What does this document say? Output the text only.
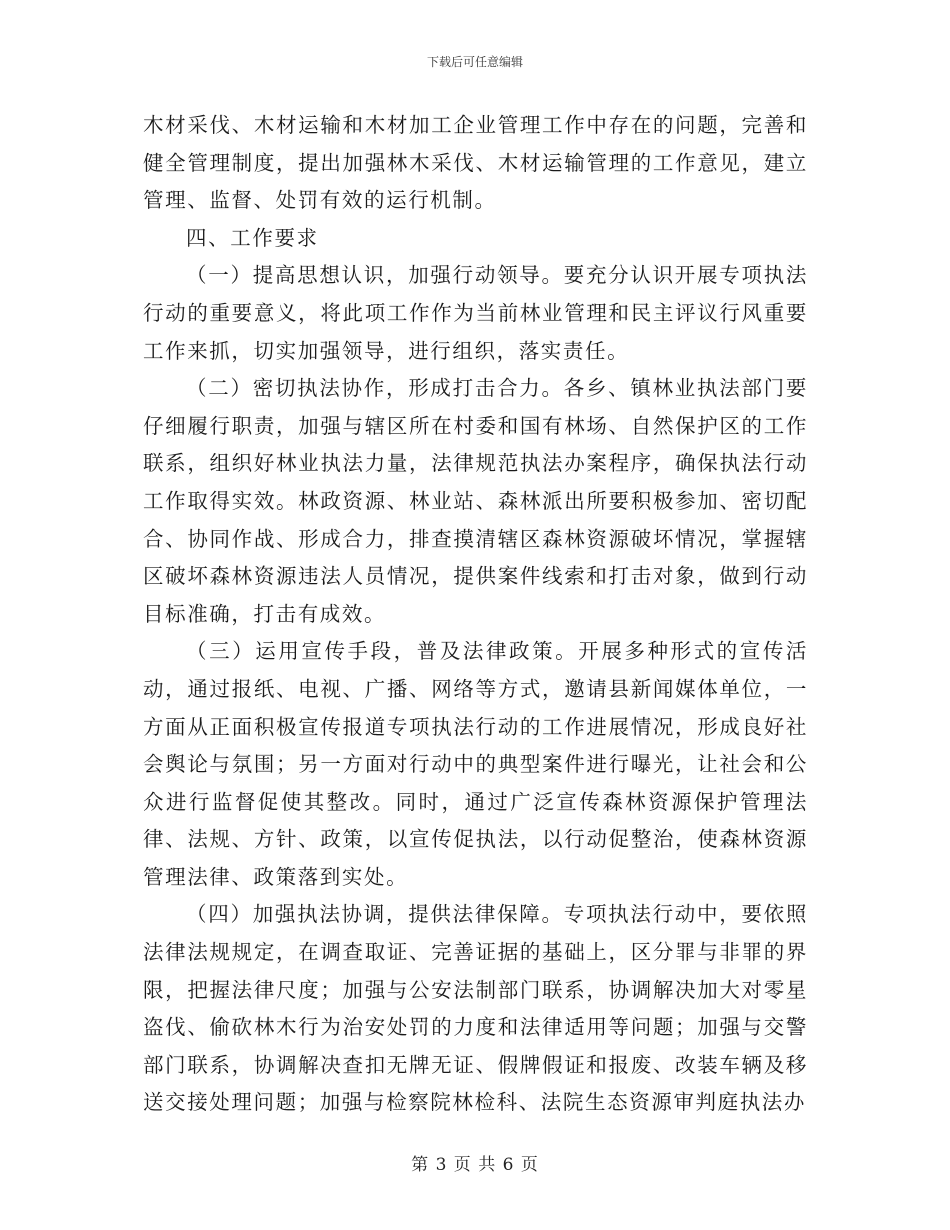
下载后可任意编辑

木材采伐、木材运输和木材加工企业管理工作中存在的问题，完善和健全管理制度，提出加强林木采伐、木材运输管理的工作意见，建立管理、监督、处罚有效的运行机制。

四、工作要求

（一）提高思想认识，加强行动领导。要充分认识开展专项执法行动的重要意义，将此项工作作为当前林业管理和民主评议行风重要工作来抓，切实加强领导，进行组织，落实责任。

（二）密切执法协作，形成打击合力。各乡、镇林业执法部门要仔细履行职责，加强与辖区所在村委和国有林场、自然保护区的工作联系，组织好林业执法力量，法律规范执法办案程序，确保执法行动工作取得实效。林政资源、林业站、森林派出所要积极参加、密切配合、协同作战、形成合力，排查摸清辖区森林资源破坏情况，掌握辖区破坏森林资源违法人员情况，提供案件线索和打击对象，做到行动目标准确，打击有成效。

（三）运用宣传手段，普及法律政策。开展多种形式的宣传活动，通过报纸、电视、广播、网络等方式，邀请县新闻媒体单位，一方面从正面积极宣传报道专项执法行动的工作进展情况，形成良好社会舆论与氛围；另一方面对行动中的典型案件进行曝光，让社会和公众进行监督促使其整改。同时，通过广泛宣传森林资源保护管理法律、法规、方针、政策，以宣传促执法，以行动促整治，使森林资源管理法律、政策落到实处。

（四）加强执法协调，提供法律保障。专项执法行动中，要依照法律法规规定，在调查取证、完善证据的基础上，区分罪与非罪的界限，把握法律尺度；加强与公安法制部门联系，协调解决加大对零星盗伐、偷砍林木行为治安处罚的力度和法律适用等问题；加强与交警部门联系，协调解决查扣无牌无证、假牌假证和报废、改装车辆及移送交接处理问题；加强与检察院林检科、法院生态资源审判庭执法办

第 3 页 共 6 页
